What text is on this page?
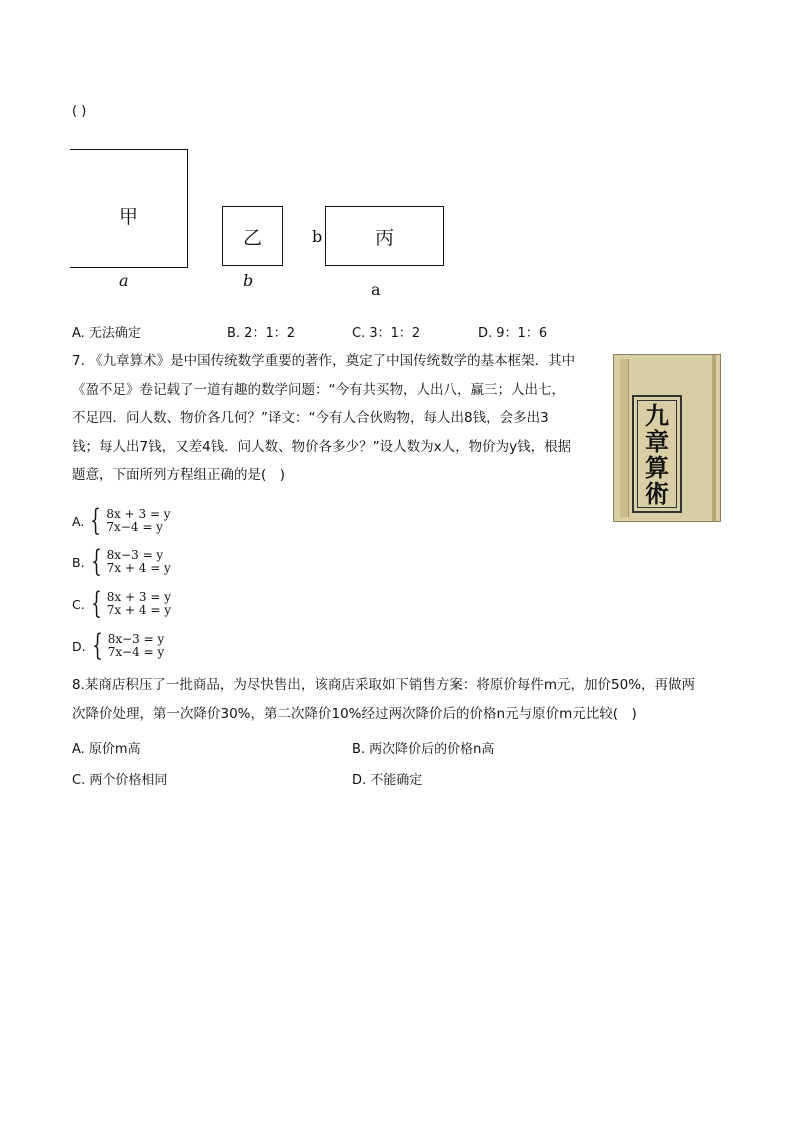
( )
甲
a
乙
b
b	丙
a
A. 无法确定	B. 2：1：2	C. 3：1：2	D. 9：1：6
7. 《九章算术》是中国传统数学重要的著作，奠定了中国传统数学的基本框架．其中
《盈不足》卷记载了一道有趣的数学问题：“今有共买物，人出八，赢三；人出七，
不足四．问人数、物价各几何？”译文：“今有人合伙购物，每人出8钱，会多出3
钱；每人出7钱，又差4钱．问人数、物价各多少？”设人数为x人，物价为y钱，根据
题意，下面所列方程组正确的是(　)
九章算術
A. { 8x + 3 = y
7x−4 = y
B. { 8x−3 = y
7x + 4 = y
C. { 8x + 3 = y
7x + 4 = y
D. { 8x−3 = y
7x−4 = y
8.某商店积压了一批商品，为尽快售出，该商店采取如下销售方案：将原价每件m元，加价50%，再做两
次降价处理，第一次降价30%，第二次降价10%经过两次降价后的价格n元与原价m元比较(　)
A. 原价m高	B. 两次降价后的价格n高
C. 两个价格相同	D. 不能确定
